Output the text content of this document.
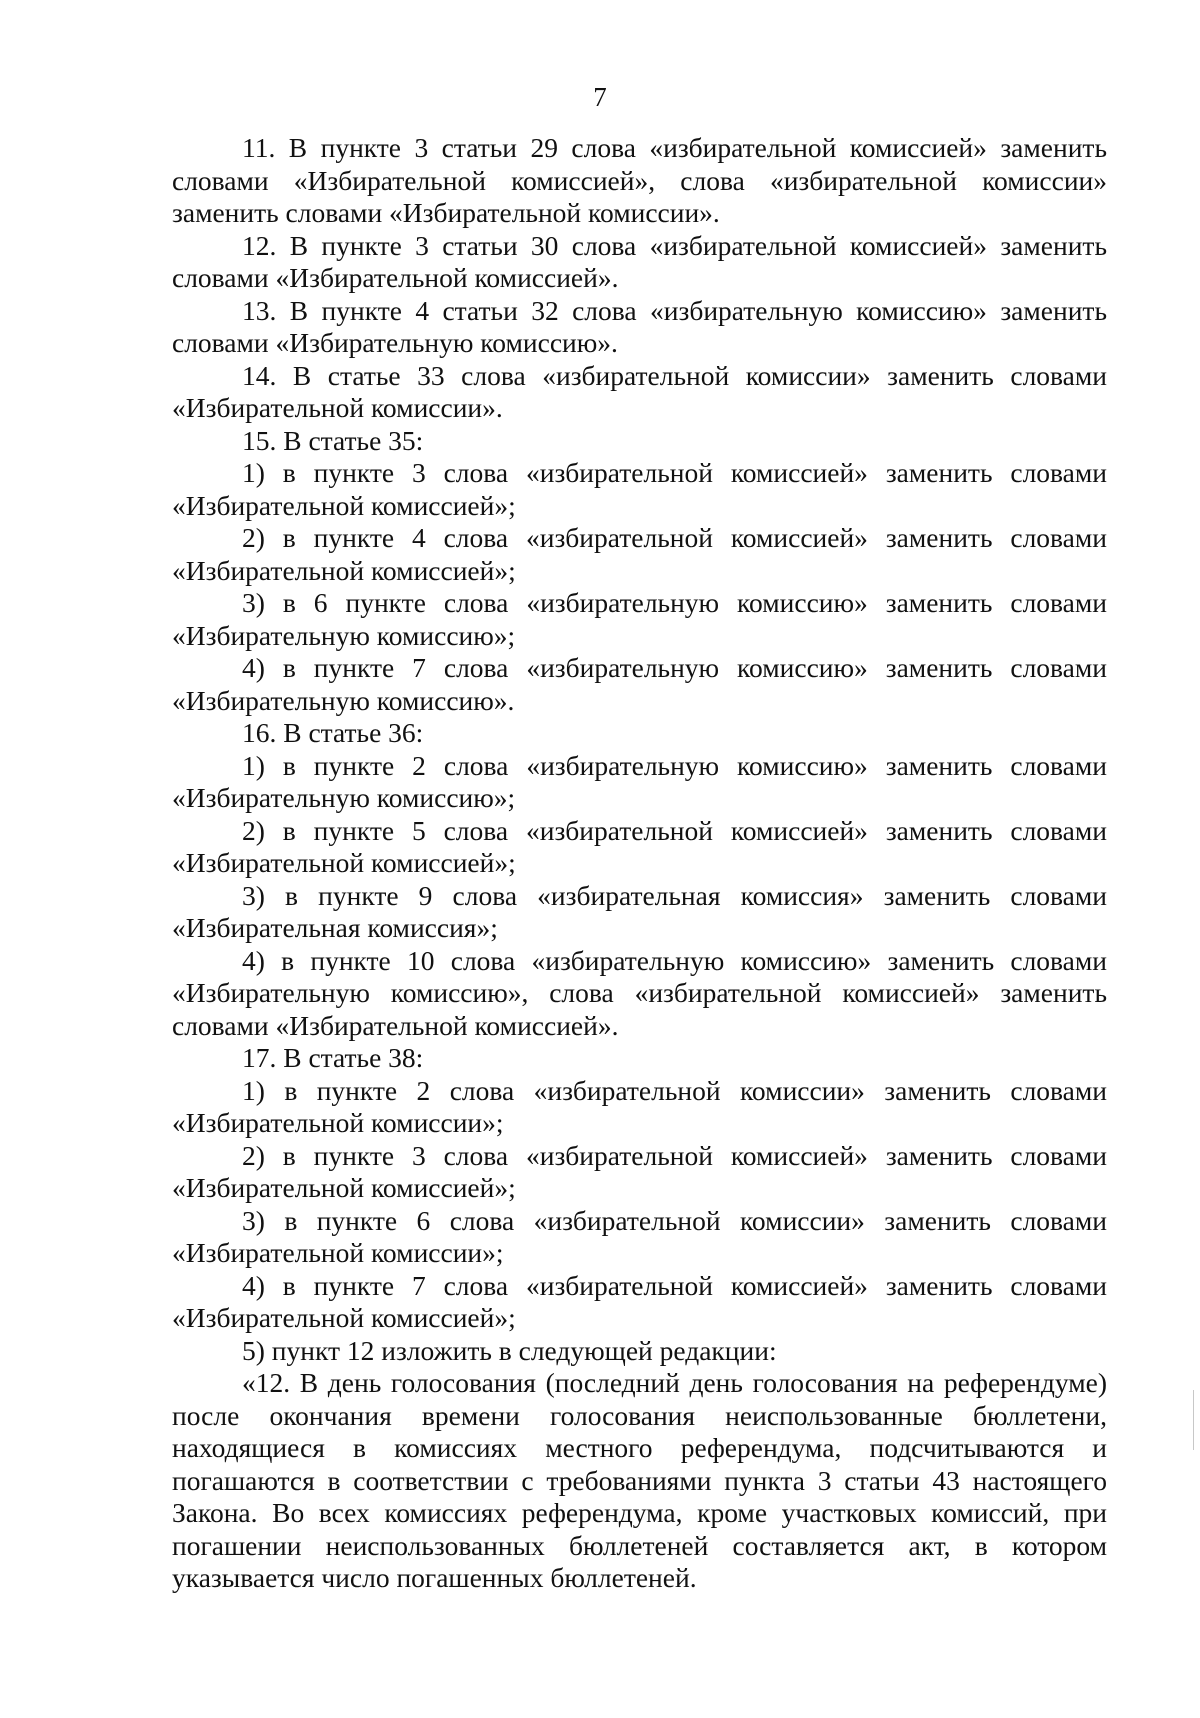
7

11. В пункте 3 статьи 29 слова «избирательной комиссией» заменить словами «Избирательной комиссией», слова «избирательной комиссии» заменить словами «Избирательной комиссии».

12. В пункте 3 статьи 30 слова «избирательной комиссией» заменить словами «Избирательной комиссией».

13. В пункте 4 статьи 32 слова «избирательную комиссию» заменить словами «Избирательную комиссию».

14. В статье 33 слова «избирательной комиссии» заменить словами «Избирательной комиссии».

15. В статье 35:

1) в пункте 3 слова «избирательной комиссией» заменить словами «Избирательной комиссией»;

2) в пункте 4 слова «избирательной комиссией» заменить словами «Избирательной комиссией»;

3) в 6 пункте слова «избирательную комиссию» заменить словами «Избирательную комиссию»;

4) в пункте 7 слова «избирательную комиссию» заменить словами «Избирательную комиссию».

16. В статье 36:

1) в пункте 2 слова «избирательную комиссию» заменить словами «Избирательную комиссию»;

2) в пункте 5 слова «избирательной комиссией» заменить словами «Избирательной комиссией»;

3) в пункте 9 слова «избирательная комиссия» заменить словами «Избирательная комиссия»;

4) в пункте 10 слова «избирательную комиссию» заменить словами «Избирательную комиссию», слова «избирательной комиссией» заменить словами «Избирательной комиссией».

17. В статье 38:

1) в пункте 2 слова «избирательной комиссии» заменить словами «Избирательной комиссии»;

2) в пункте 3 слова «избирательной комиссией» заменить словами «Избирательной комиссией»;

3) в пункте 6 слова «избирательной комиссии» заменить словами «Избирательной комиссии»;

4) в пункте 7 слова «избирательной комиссией» заменить словами «Избирательной комиссией»;

5) пункт 12 изложить в следующей редакции:

«12. В день голосования (последний день голосования на референдуме) после окончания времени голосования неиспользованные бюллетени, находящиеся в комиссиях местного референдума, подсчитываются и погашаются в соответствии с требованиями пункта 3 статьи 43 настоящего Закона. Во всех комиссиях референдума, кроме участковых комиссий, при погашении неиспользованных бюллетеней составляется акт, в котором указывается число погашенных бюллетеней.
